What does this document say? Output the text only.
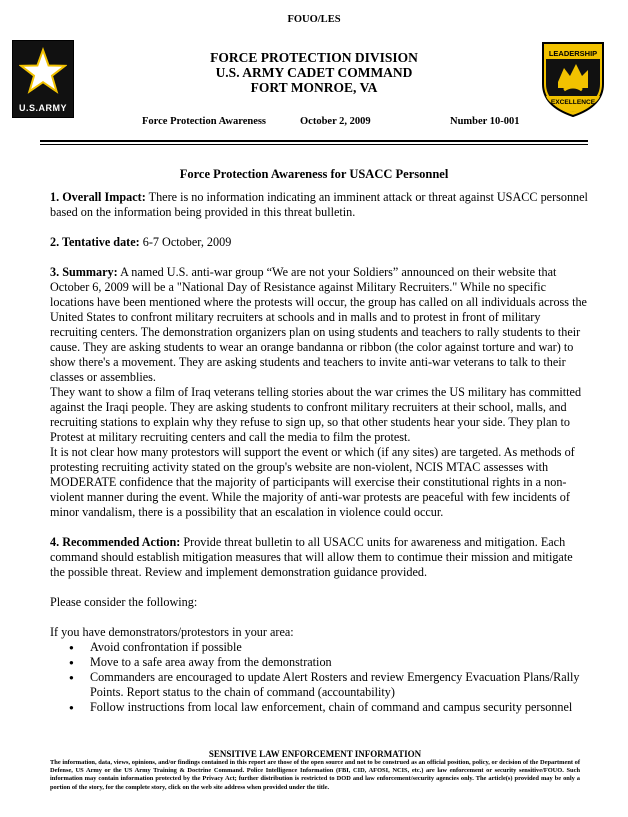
FOUO/LES
U.S.ARMY
FORCE PROTECTION DIVISION
U.S. ARMY CADET COMMAND
FORT MONROE, VA
LEADERSHIP
EXCELLENCE
Force Protection Awareness	October 2, 2009	Number 10-001
Force Protection Awareness for USACC Personnel

1. Overall Impact: There is no information indicating an imminent attack or threat against USACC personnel based on the information being provided in this threat bulletin.

2. Tentative date: 6-7 October, 2009

3. Summary: A named U.S. anti-war group “We are not your Soldiers” announced on their website that October 6, 2009 will be a "National Day of Resistance against Military Recruiters." While no specific locations have been mentioned where the protests will occur, the group has called on all individuals across the United States to confront military recruiters at schools and in malls and to protest in front of military recruiting centers. The demonstration organizers plan on using students and teachers to rally students to their cause. They are asking students to wear an orange bandanna or ribbon (the color against torture and war) to show there's a movement. They are asking students and teachers to invite anti-war veterans to talk to their classes or assemblies.

They want to show a film of Iraq veterans telling stories about the war crimes the US military has committed against the Iraqi people. They are asking students to confront military recruiters at their school, malls, and recruiting stations to explain why they refuse to sign up, so that other students hear your side. They plan to Protest at military recruiting centers and call the media to film the protest.

It is not clear how many protestors will support the event or which (if any sites) are targeted. As methods of protesting recruiting activity stated on the group's website are non-violent, NCIS MTAC assesses with MODERATE confidence that the majority of participants will exercise their constitutional rights in a non-violent manner during the event. While the majority of anti-war protests are peaceful with few incidents of minor vandalism, there is a possibility that an escalation in violence could occur.

4. Recommended Action: Provide threat bulletin to all USACC units for awareness and mitigation. Each command should establish mitigation measures that will allow them to contimue their mission and mitigate the possible threat. Review and implement demonstration guidance provided.

Please consider the following:

If you have demonstrators/protestors in your area:

● Avoid confrontation if possible
● Move to a safe area away from the demonstration
● Commanders are encouraged to update Alert Rosters and review Emergency Evacuation Plans/Rally Points. Report status to the chain of command (accountability)
● Follow instructions from local law enforcement, chain of command and campus security personnel
SENSITIVE LAW ENFORCEMENT INFORMATION
The information, data, views, opinions, and/or findings contained in this report are those of the open source and not to be construed as an official position, policy, or decision of the Department of Defense, US Army or the US Army Training & Doctrine Command. Police Intelligence Information (FBI, CID, AFOSI, NCIS, etc.) are law enforcement or security sensitive/FOUO. Such information may contain information protected by the Privacy Act; further distribution is restricted to DOD and law enforcement/security agencies only. The article(s) provided may be only a portion of the story, for the complete story, click on the web site address when provided under the title.
